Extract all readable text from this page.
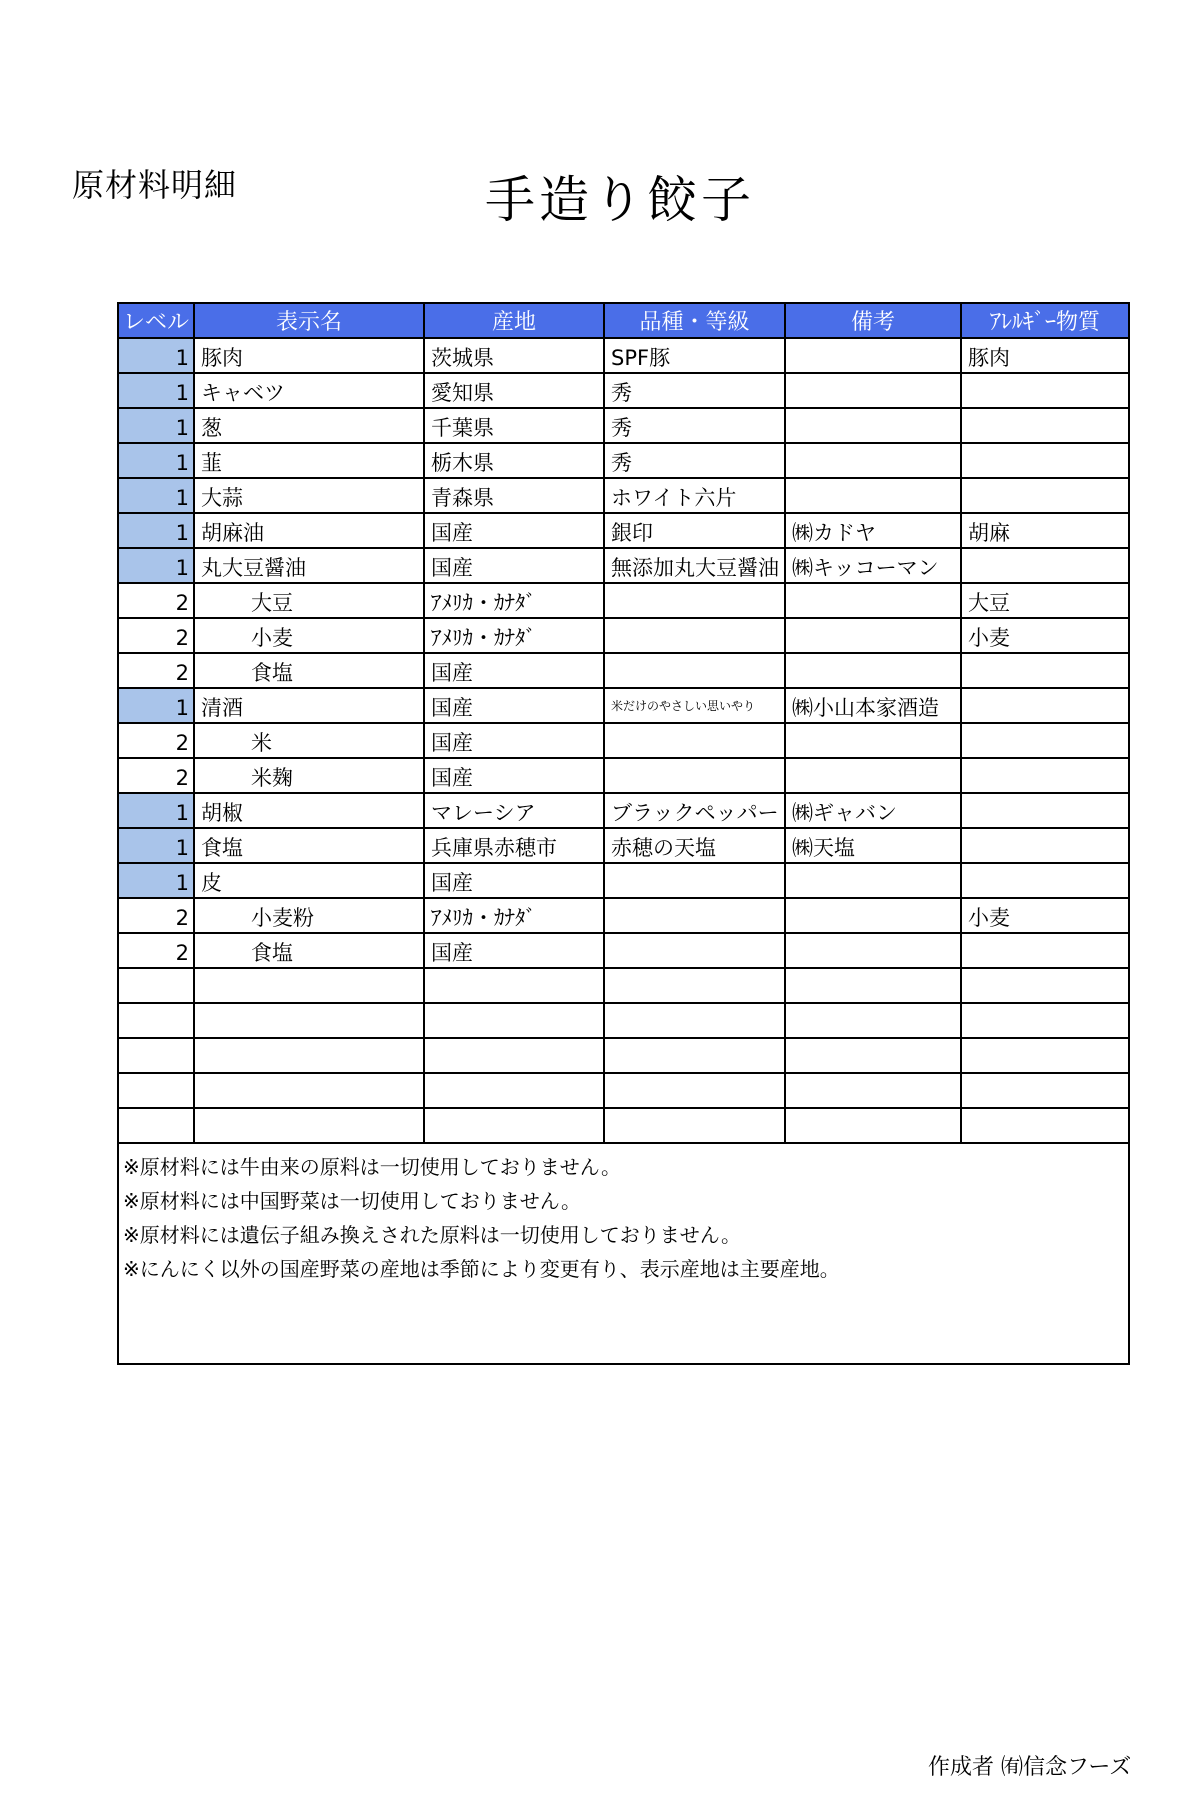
原材料明細	手造り餃子
レベル	表示名	産地	品種・等級	備考	ｱﾚﾙｷﾞｰ物質
1	豚肉	茨城県	SPF豚		豚肉
1	キャベツ	愛知県	秀		
1	葱	千葉県	秀		
1	韮	栃木県	秀		
1	大蒜	青森県	ホワイト六片		
1	胡麻油	国産	銀印	㈱カドヤ	胡麻
1	丸大豆醤油	国産	無添加丸大豆醤油	㈱キッコーマン	
2	大豆	ｱﾒﾘｶ・ｶﾅﾀﾞ			大豆
2	小麦	ｱﾒﾘｶ・ｶﾅﾀﾞ			小麦
2	食塩	国産			
1	清酒	国産	米だけのやさしい思いやり	㈱小山本家酒造	
2	米	国産			
2	米麹	国産			
1	胡椒	マレーシア	ブラックペッパー	㈱ギャバン	
1	食塩	兵庫県赤穂市	赤穂の天塩	㈱天塩	
1	皮	国産			
2	小麦粉	ｱﾒﾘｶ・ｶﾅﾀﾞ			小麦
2	食塩	国産			

※原材料には牛由来の原料は一切使用しておりません。
※原材料には中国野菜は一切使用しておりません。
※原材料には遺伝子組み換えされた原料は一切使用しておりません。
※にんにく以外の国産野菜の産地は季節により変更有り、表示産地は主要産地。					
作成者 ㈲信念フーズ
